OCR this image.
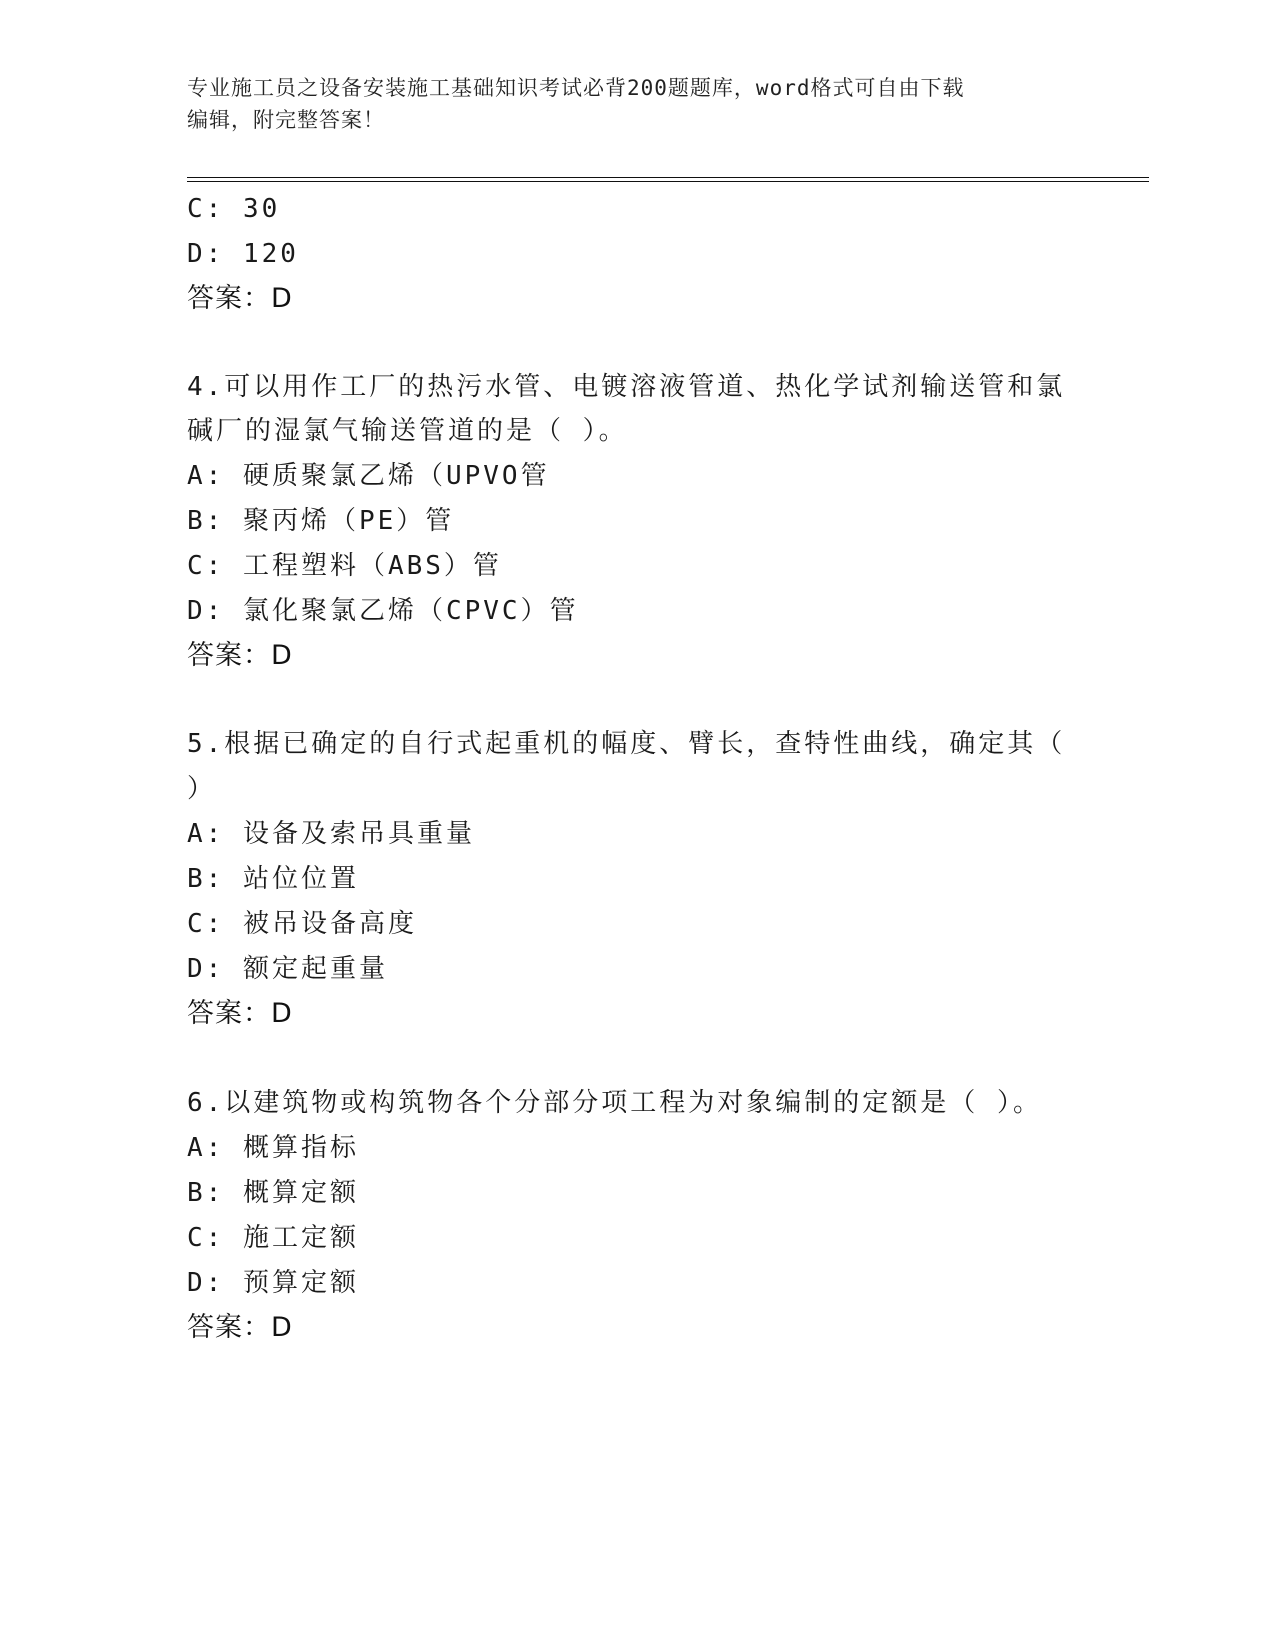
专业施工员之设备安装施工基础知识考试必背200题题库，word格式可自由下载
编辑，附完整答案！
C: 30
D: 120
答案：D
4.可以用作工厂的热污水管、电镀溶液管道、热化学试剂输送管和氯
碱厂的湿氯气输送管道的是（ ）。
A: 硬质聚氯乙烯（UPVO管
B: 聚丙烯（PE）管
C: 工程塑料（ABS）管
D: 氯化聚氯乙烯（CPVC）管
答案：D
5.根据已确定的自行式起重机的幅度、臂长，查特性曲线，确定其（
）
A: 设备及索吊具重量
B: 站位位置
C: 被吊设备高度
D: 额定起重量
答案：D
6.以建筑物或构筑物各个分部分项工程为对象编制的定额是（ ）。
A: 概算指标
B: 概算定额
C: 施工定额
D: 预算定额
答案：D
